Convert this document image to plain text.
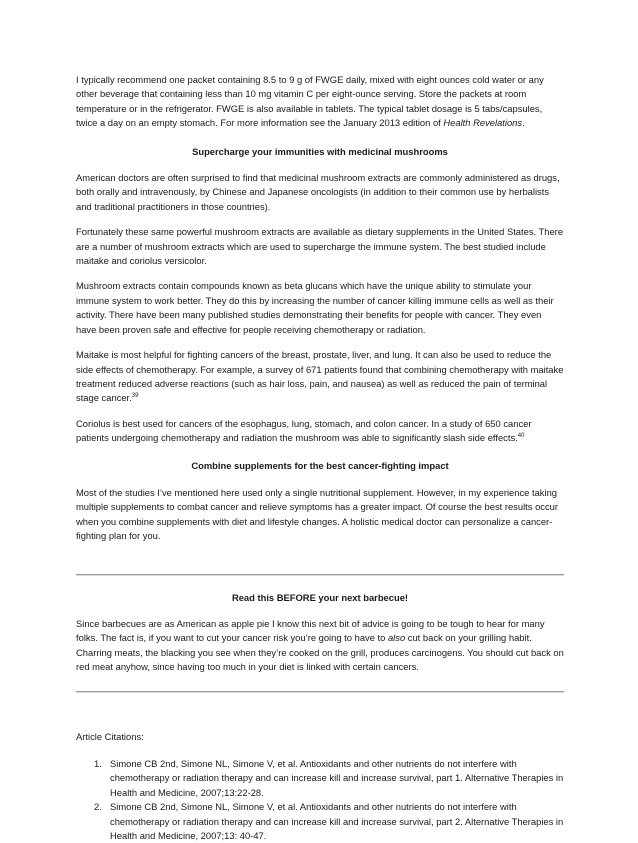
I typically recommend one packet containing 8.5 to 9 g of FWGE daily, mixed with eight ounces cold water or any other beverage that containing less than 10 mg vitamin C per eight-ounce serving. Store the packets at room temperature or in the refrigerator. FWGE is also available in tablets. The typical tablet dosage is 5 tabs/capsules, twice a day on an empty stomach. For more information see the January 2013 edition of Health Revelations.

Supercharge your immunities with medicinal mushrooms

American doctors are often surprised to find that medicinal mushroom extracts are commonly administered as drugs, both orally and intravenously, by Chinese and Japanese oncologists (in addition to their common use by herbalists and traditional practitioners in those countries).

Fortunately these same powerful mushroom extracts are available as dietary supplements in the United States. There are a number of mushroom extracts which are used to supercharge the immune system. The best studied include maitake and coriolus versicolor.

Mushroom extracts contain compounds known as beta glucans which have the unique ability to stimulate your immune system to work better. They do this by increasing the number of cancer killing immune cells as well as their activity. There have been many published studies demonstrating their benefits for people with cancer. They even have been proven safe and effective for people receiving chemotherapy or radiation.

Maitake is most helpful for fighting cancers of the breast, prostate, liver, and lung. It can also be used to reduce the side effects of chemotherapy. For example, a survey of 671 patients found that combining chemotherapy with maitake treatment reduced adverse reactions (such as hair loss, pain, and nausea) as well as reduced the pain of terminal stage cancer.$^{39}$

Coriolus is best used for cancers of the esophagus, lung, stomach, and colon cancer. In a study of 650 cancer patients undergoing chemotherapy and radiation the mushroom was able to significantly slash side effects.$^{40}$

Combine supplements for the best cancer-fighting impact

Most of the studies I’ve mentioned here used only a single nutritional supplement. However, in my experience taking multiple supplements to combat cancer and relieve symptoms has a greater impact. Of course the best results occur when you combine supplements with diet and lifestyle changes. A holistic medical doctor can personalize a cancer-fighting plan for you.

Read this BEFORE your next barbecue!

Since barbecues are as American as apple pie I know this next bit of advice is going to be tough to hear for many folks. The fact is, if you want to cut your cancer risk you’re going to have to also cut back on your grilling habit. Charring meats, the blacking you see when they’re cooked on the grill, produces carcinogens. You should cut back on red meat anyhow, since having too much in your diet is linked with certain cancers.

Article Citations:

1. Simone CB 2nd, Simone NL, Simone V, et al. Antioxidants and other nutrients do not interfere with chemotherapy or radiation therapy and can increase kill and increase survival, part 1. Alternative Therapies in Health and Medicine, 2007;13:22-28.
2. Simone CB 2nd, Simone NL, Simone V, et al. Antioxidants and other nutrients do not interfere with chemotherapy or radiation therapy and can increase kill and increase survival, part 2. Alternative Therapies in Health and Medicine, 2007;13: 40-47.
